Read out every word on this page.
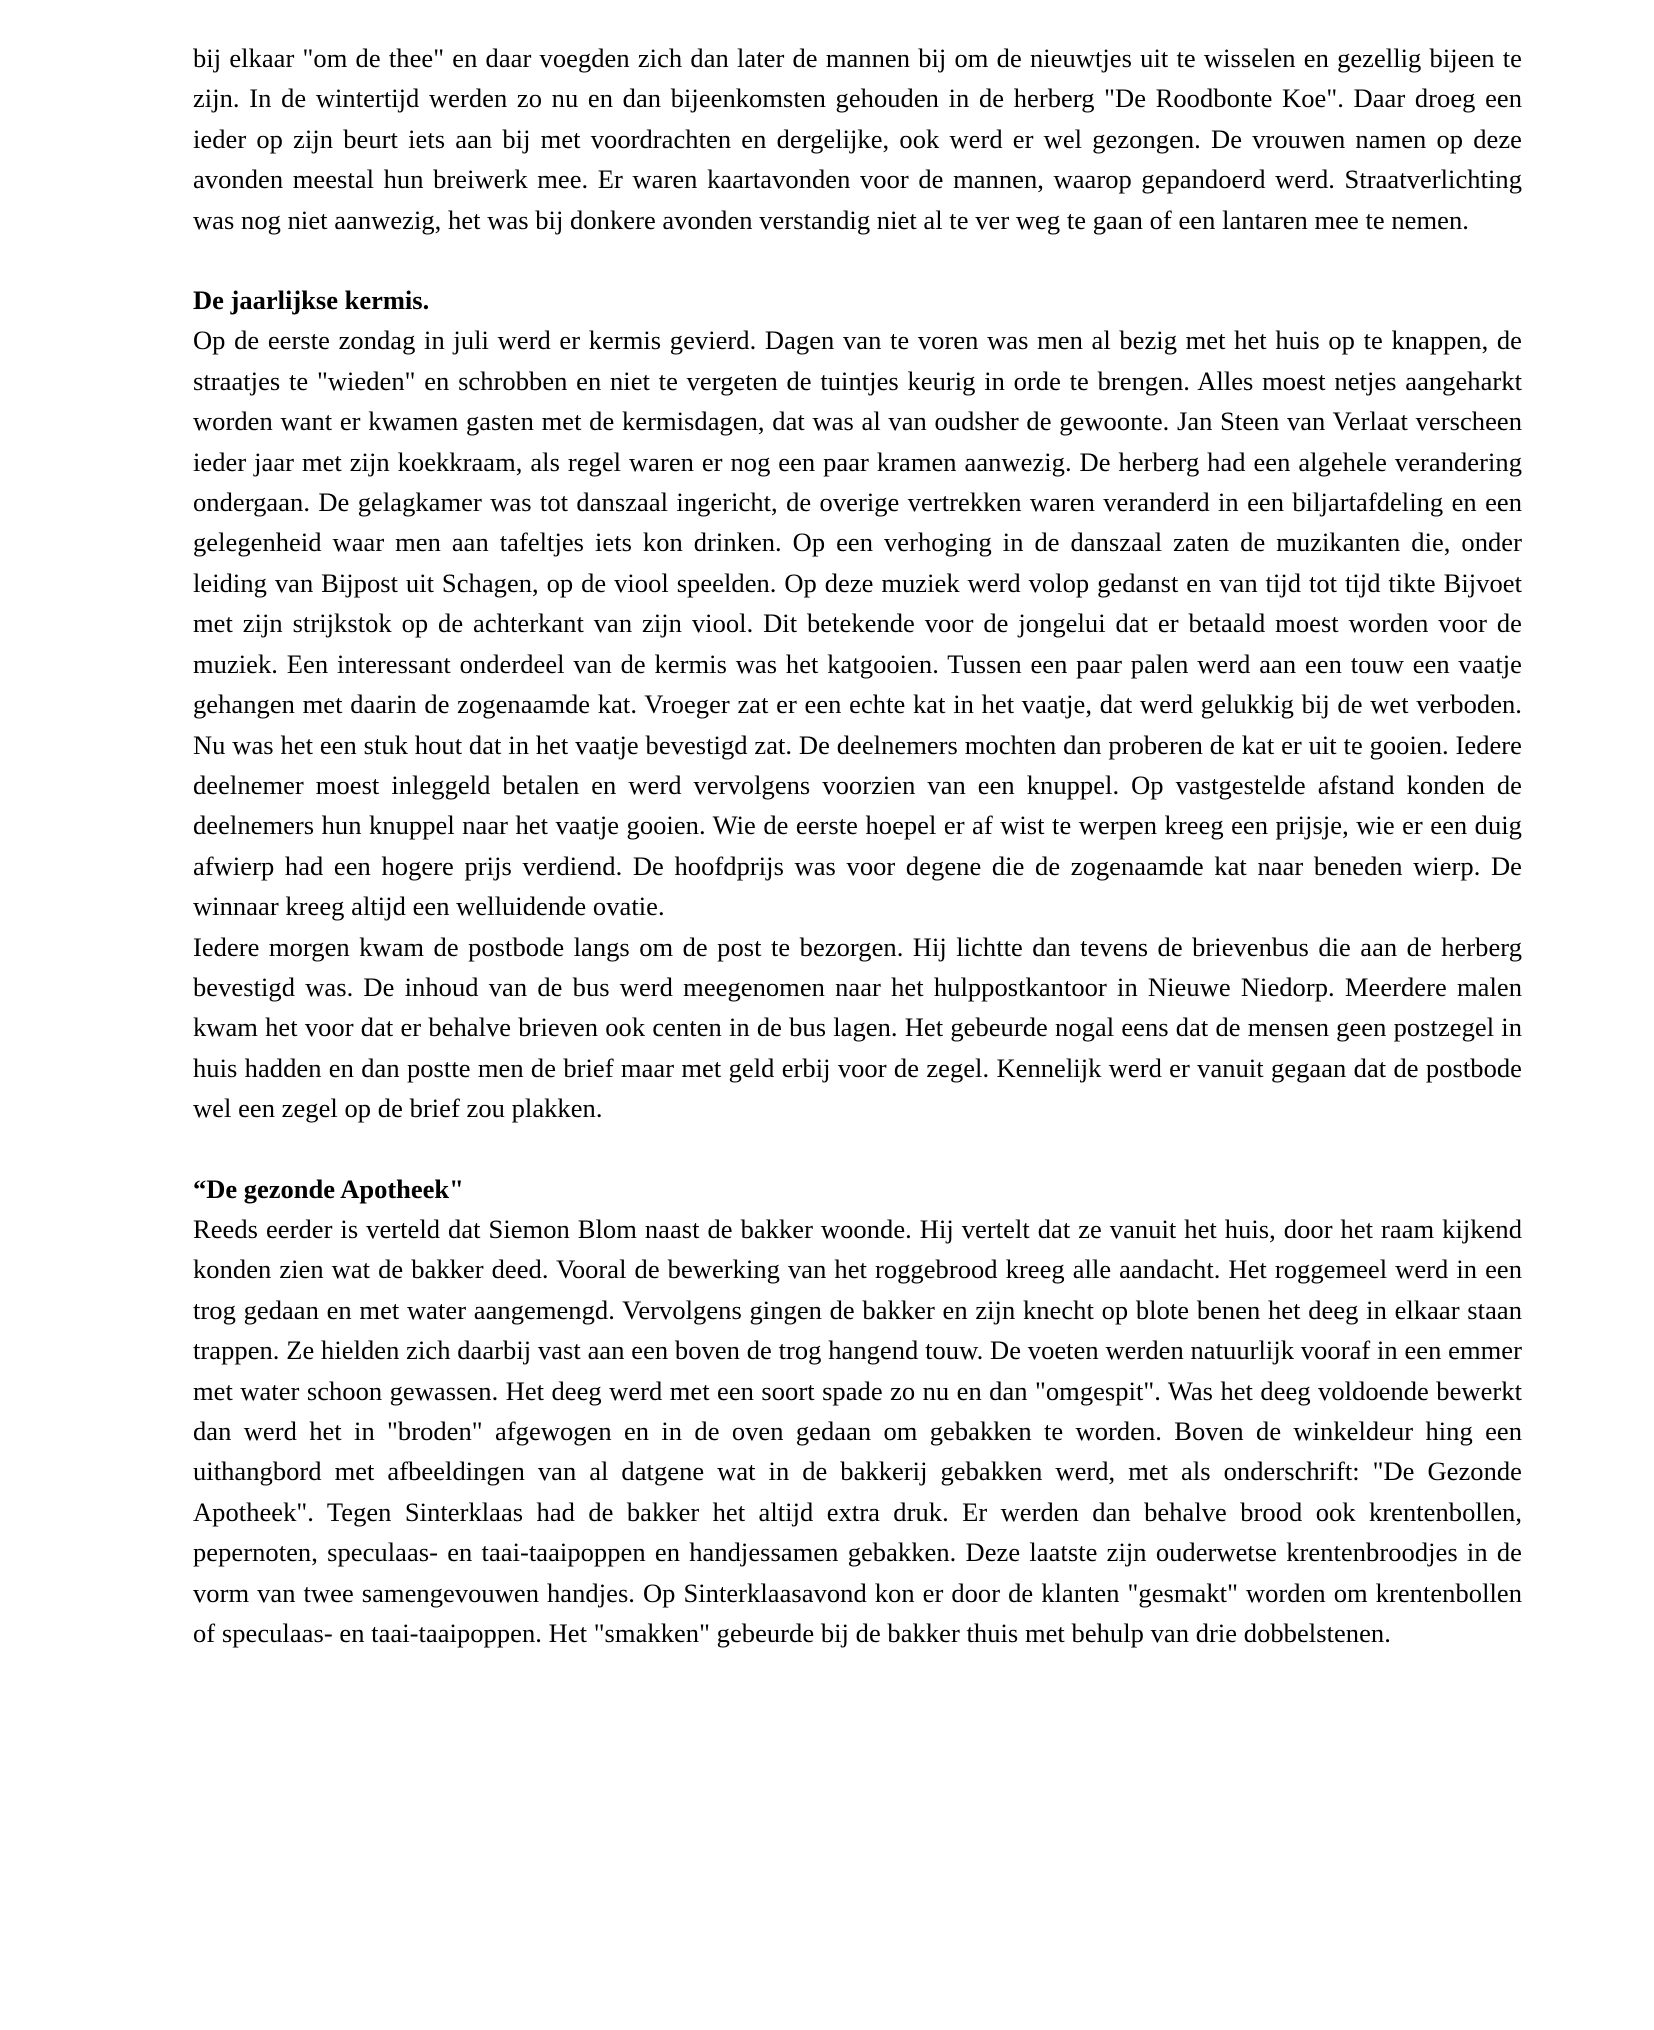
bij elkaar "om de thee" en daar voegden zich dan later de mannen bij om de nieuwtjes uit te wisselen en gezellig bijeen te zijn. In de wintertijd werden zo nu en dan bijeenkomsten gehouden in de herberg "De Roodbonte Koe". Daar droeg een ieder op zijn beurt iets aan bij met voordrachten en dergelijke, ook werd er wel gezongen. De vrouwen namen op deze avonden meestal hun breiwerk mee. Er waren kaartavonden voor de mannen, waarop gepandoerd werd. Straatverlichting was nog niet aanwezig, het was bij donkere avonden verstandig niet al te ver weg te gaan of een lantaren mee te nemen.

De jaarlijkse kermis.

Op de eerste zondag in juli werd er kermis gevierd. Dagen van te voren was men al bezig met het huis op te knappen, de straatjes te "wieden" en schrobben en niet te vergeten de tuintjes keurig in orde te brengen. Alles moest netjes aangeharkt worden want er kwamen gasten met de kermisdagen, dat was al van oudsher de gewoonte. Jan Steen van Verlaat verscheen ieder jaar met zijn koekkraam, als regel waren er nog een paar kramen aanwezig. De herberg had een algehele verandering ondergaan. De gelagkamer was tot danszaal ingericht, de overige vertrekken waren veranderd in een biljartafdeling en een gelegenheid waar men aan tafeltjes iets kon drinken. Op een verhoging in de danszaal zaten de muzikanten die, onder leiding van Bijpost uit Schagen, op de viool speelden. Op deze muziek werd volop gedanst en van tijd tot tijd tikte Bijvoet met zijn strijkstok op de achterkant van zijn viool. Dit betekende voor de jongelui dat er betaald moest worden voor de muziek. Een interessant onderdeel van de kermis was het katgooien. Tussen een paar palen werd aan een touw een vaatje gehangen met daarin de zogenaamde kat. Vroeger zat er een echte kat in het vaatje, dat werd gelukkig bij de wet verboden. Nu was het een stuk hout dat in het vaatje bevestigd zat. De deelnemers mochten dan proberen de kat er uit te gooien. Iedere deelnemer moest inleggeld betalen en werd vervolgens voorzien van een knuppel. Op vastgestelde afstand konden de deelnemers hun knuppel naar het vaatje gooien. Wie de eerste hoepel er af wist te werpen kreeg een prijsje, wie er een duig afwierp had een hogere prijs verdiend. De hoofdprijs was voor degene die de zogenaamde kat naar beneden wierp. De winnaar kreeg altijd een welluidende ovatie.

Iedere morgen kwam de postbode langs om de post te bezorgen. Hij lichtte dan tevens de brievenbus die aan de herberg bevestigd was. De inhoud van de bus werd meegenomen naar het hulppostkantoor in Nieuwe Niedorp. Meerdere malen kwam het voor dat er behalve brieven ook centen in de bus lagen. Het gebeurde nogal eens dat de mensen geen postzegel in huis hadden en dan postte men de brief maar met geld erbij voor de zegel. Kennelijk werd er vanuit gegaan dat de postbode wel een zegel op de brief zou plakken.

“De gezonde Apotheek"

Reeds eerder is verteld dat Siemon Blom naast de bakker woonde. Hij vertelt dat ze vanuit het huis, door het raam kijkend konden zien wat de bakker deed. Vooral de bewerking van het roggebrood kreeg alle aandacht. Het roggemeel werd in een trog gedaan en met water aangemengd. Vervolgens gingen de bakker en zijn knecht op blote benen het deeg in elkaar staan trappen. Ze hielden zich daarbij vast aan een boven de trog hangend touw. De voeten werden natuurlijk vooraf in een emmer met water schoon gewassen. Het deeg werd met een soort spade zo nu en dan "omgespit". Was het deeg voldoende bewerkt dan werd het in "broden" afgewogen en in de oven gedaan om gebakken te worden. Boven de winkeldeur hing een uithangbord met afbeeldingen van al datgene wat in de bakkerij gebakken werd, met als onderschrift: "De Gezonde Apotheek". Tegen Sinterklaas had de bakker het altijd extra druk. Er werden dan behalve brood ook krentenbollen, pepernoten, speculaas- en taai-taaipoppen en handjessamen gebakken. Deze laatste zijn ouderwetse krentenbroodjes in de vorm van twee samengevouwen handjes. Op Sinterklaasavond kon er door de klanten "gesmakt" worden om krentenbollen of speculaas- en taai-taaipoppen. Het "smakken" gebeurde bij de bakker thuis met behulp van drie dobbelstenen.
